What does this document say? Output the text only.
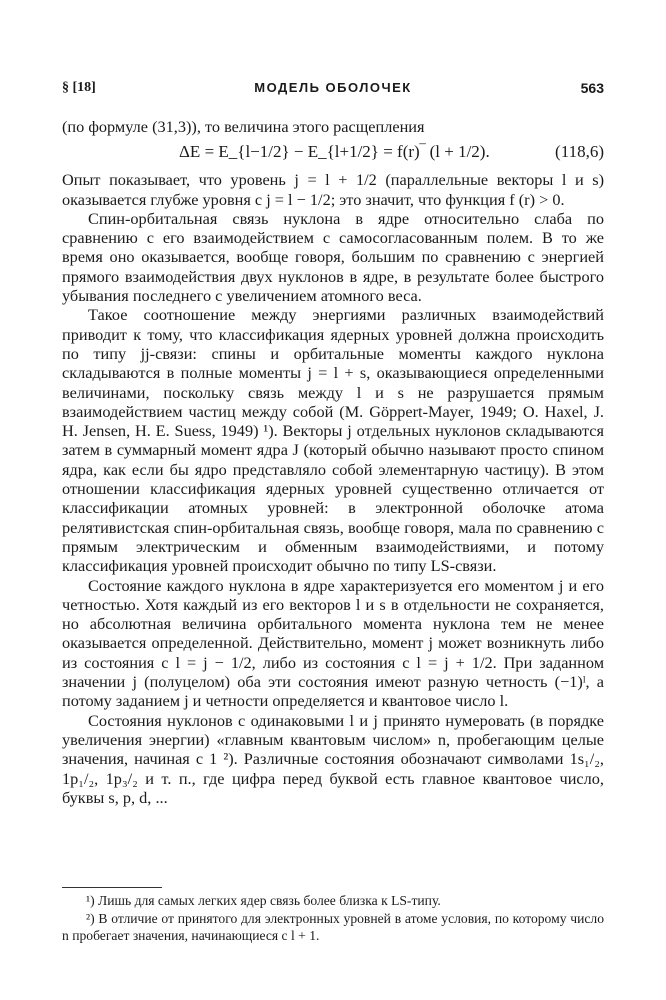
§ [18]	МОДЕЛЬ ОБОЛОЧЕК	563

(по формуле (31,3)), то величина этого расщепления

ΔE = E_{l−1/2} − E_{l+1/2} = f(r)‾ (l + 1/2).	(118,6)

Опыт показывает, что уровень j = l + 1/2 (параллельные векторы l и s) оказывается глубже уровня с j = l − 1/2; это значит, что функция f (r) > 0.

Спин-орбитальная связь нуклона в ядре относительно слаба по сравнению с его взаимодействием с самосогласованным полем. В то же время оно оказывается, вообще говоря, большим по сравнению с энергией прямого взаимодействия двух нуклонов в ядре, в результате более быстрого убывания последнего с увеличением атомного веса.

Такое соотношение между энергиями различных взаимодействий приводит к тому, что классификация ядерных уровней должна происходить по типу jj-связи: спины и орбитальные моменты каждого нуклона складываются в полные моменты j = l + s, оказывающиеся определенными величинами, поскольку связь между l и s не разрушается прямым взаимодействием частиц между собой (M. Göppert-Mayer, 1949; O. Haxel, J. H. Jensen, H. E. Suess, 1949) ¹). Векторы j отдельных нуклонов складываются затем в суммарный момент ядра J (который обычно называют просто спином ядра, как если бы ядро представляло собой элементарную частицу). В этом отношении классификация ядерных уровней существенно отличается от классификации атомных уровней: в электронной оболочке атома релятивистская спин-орбитальная связь, вообще говоря, мала по сравнению с прямым электрическим и обменным взаимодействиями, и потому классификация уровней происходит обычно по типу LS-связи.

Состояние каждого нуклона в ядре характеризуется его моментом j и его четностью. Хотя каждый из его векторов l и s в отдельности не сохраняется, но абсолютная величина орбитального момента нуклона тем не менее оказывается определенной. Действительно, момент j может возникнуть либо из состояния с l = j − 1/2, либо из состояния с l = j + 1/2. При заданном значении j (полуцелом) оба эти состояния имеют разную четность (−1)ˡ, а потому заданием j и четности определяется и квантовое число l.

Состояния нуклонов с одинаковыми l и j принято нумеровать (в порядке увеличения энергии) «главным квантовым числом» n, пробегающим целые значения, начиная с 1 ²). Различные состояния обозначают символами 1s₁/₂, 1p₁/₂, 1p₃/₂ и т. п., где цифра перед буквой есть главное квантовое число, буквы s, p, d, ...

¹) Лишь для самых легких ядер связь более близка к LS-типу.

²) В отличие от принятого для электронных уровней в атоме условия, по которому число n пробегает значения, начинающиеся с l + 1.
